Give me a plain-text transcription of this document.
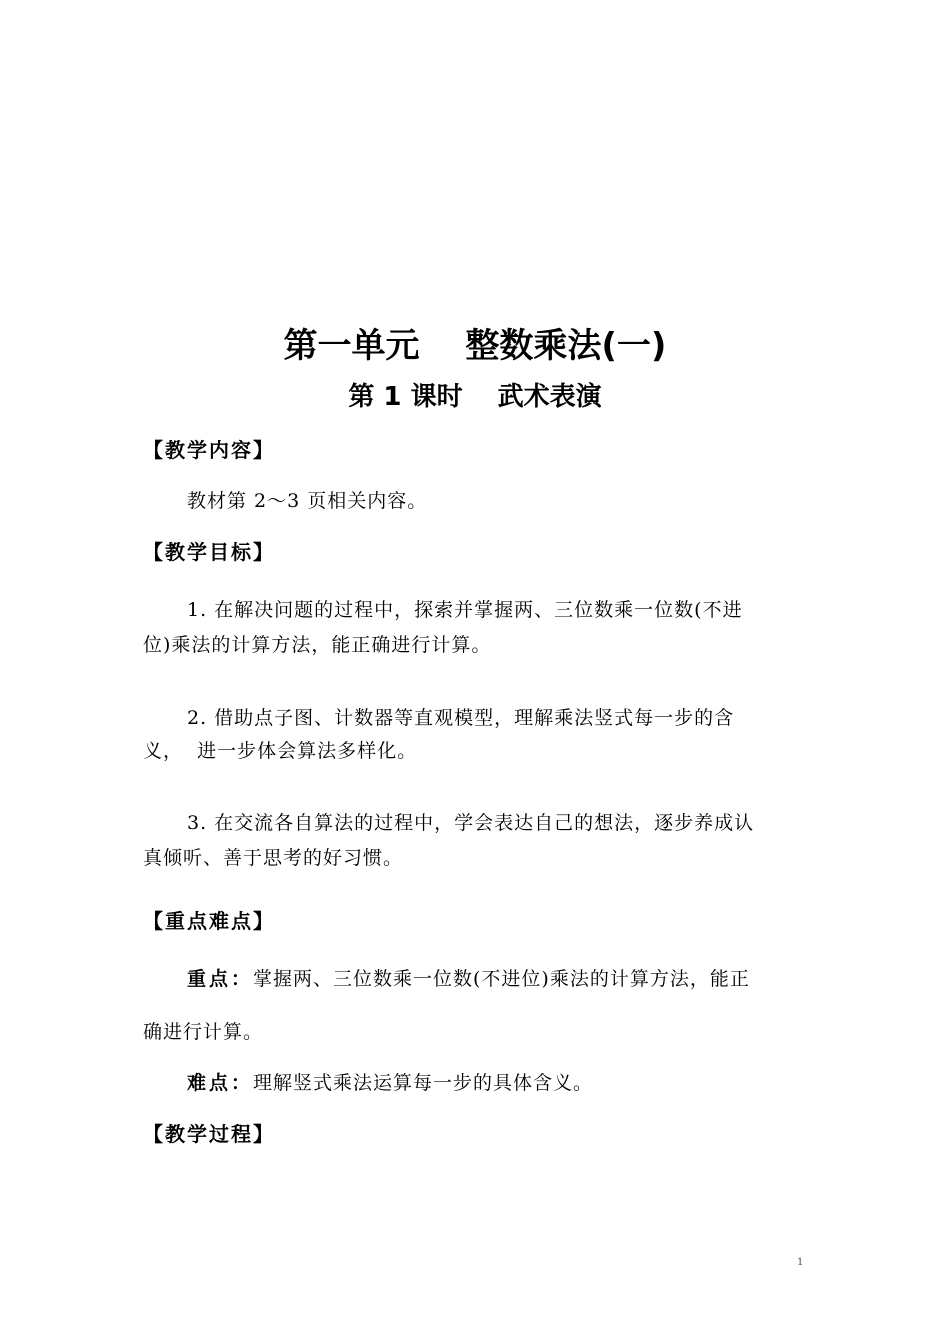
第一单元　 整数乘法(一)
第 1 课时　 武术表演
【教学内容】
教材第 2～3 页相关内容。
【教学目标】
1. 在解决问题的过程中，探索并掌握两、三位数乘一位数(不进
位)乘法的计算方法，能正确进行计算。
2. 借助点子图、计数器等直观模型，理解乘法竖式每一步的含
义，  进一步体会算法多样化。
3. 在交流各自算法的过程中，学会表达自己的想法，逐步养成认
真倾听、善于思考的好习惯。
【重点难点】
重点：掌握两、三位数乘一位数(不进位)乘法的计算方法，能正
确进行计算。
难点：理解竖式乘法运算每一步的具体含义。
【教学过程】
1
